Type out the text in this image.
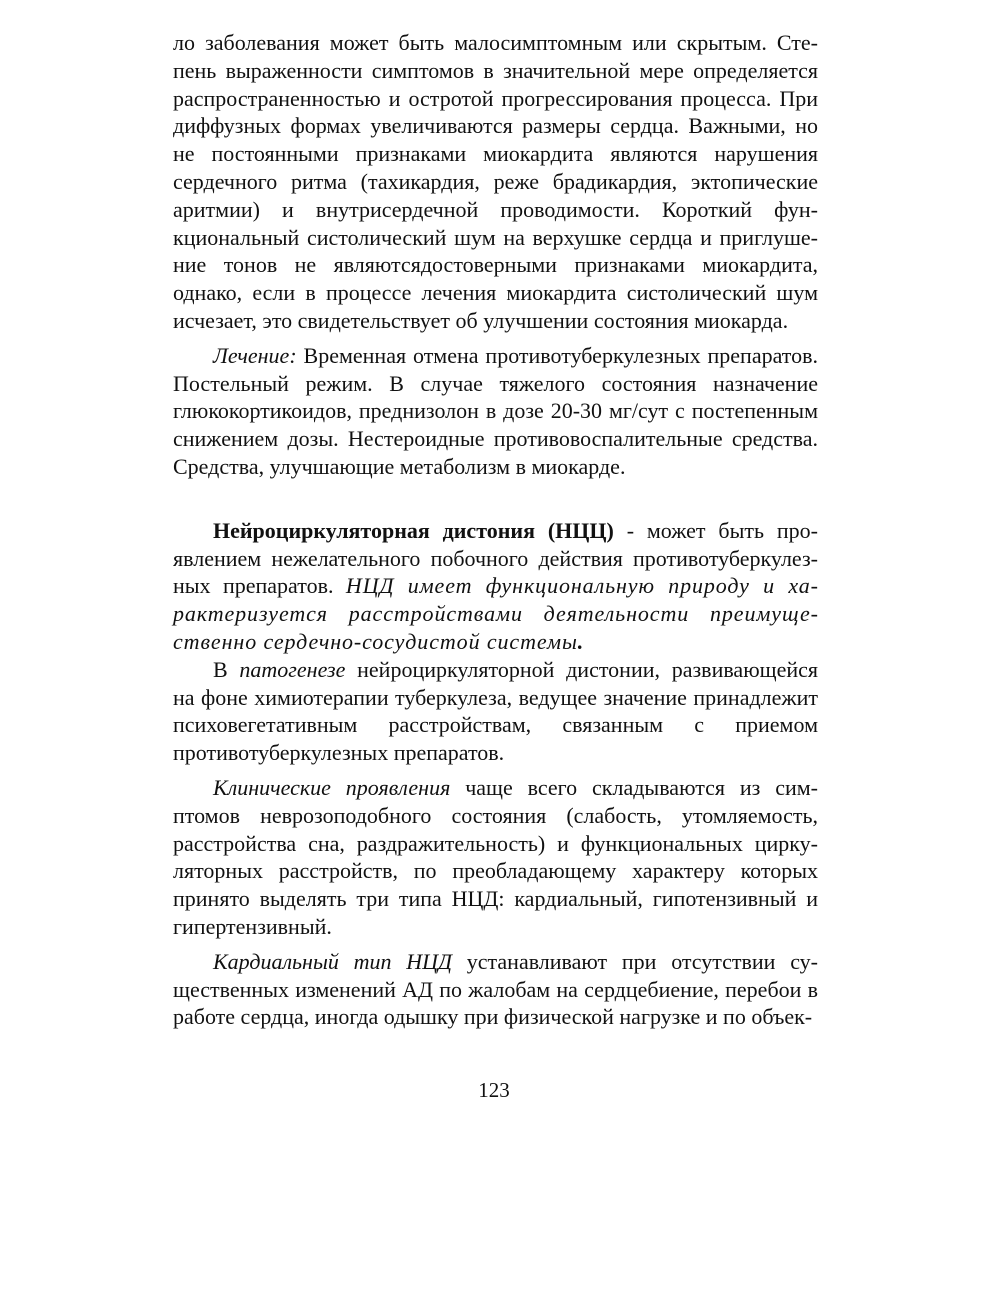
ло заболевания может быть малосимптомным или скрытым. Степень выраженности симптомов в значительной мере определяется распространенностью и остротой прогрессирования процесса. При диффузных формах увеличиваются размеры сердца. Важными, но не постоянными признаками миокардита являются нарушения сердечного ритма (тахикардия, реже брадикардия, эктопические аритмии) и внутрисердечной проводимости. Короткий функциональный систолический шум на верхушке сердца и приглушение тонов не являютсядостоверными признаками миокардита, однако, если в процессе лечения миокардита систолический шум исчезает, это свидетельствует об улучшении состояния миокарда.

Лечение: Временная отмена противотуберкулезных препаратов. Постельный режим. В случае тяжелого состояния назначение глюкокортикоидов, преднизолон в дозе 20-30 мг/сут с постепенным снижением дозы. Нестероидные противовоспалительные средства. Средства, улучшающие метаболизм в миокарде.

Нейроциркуляторная дистония (НЦЦ) - может быть проявлением нежелательного побочного действия противотуберкулезных препаратов. НЦД имеет функциональную природу и характеризуется расстройствами деятельности преимущественно сердечно-сосудистой системы.

В патогенезе нейроциркуляторной дистонии, развивающейся на фоне химиотерапии туберкулеза, ведущее значение принадлежит психовегетативным расстройствам, связанным с приемом противотуберкулезных препаратов.

Клинические проявления чаще всего складываются из симптомов неврозоподобного состояния (слабость, утомляемость, расстройства сна, раздражительность) и функциональных циркуляторных расстройств, по преобладающему характеру которых принято выделять три типа НЦД: кардиальный, гипотензивный и гипертензивный.

Кардиальный тип НЦД устанавливают при отсутствии существенных изменений АД по жалобам на сердцебиение, перебои в работе сердца, иногда одышку при физической нагрузке и по объек-

123
